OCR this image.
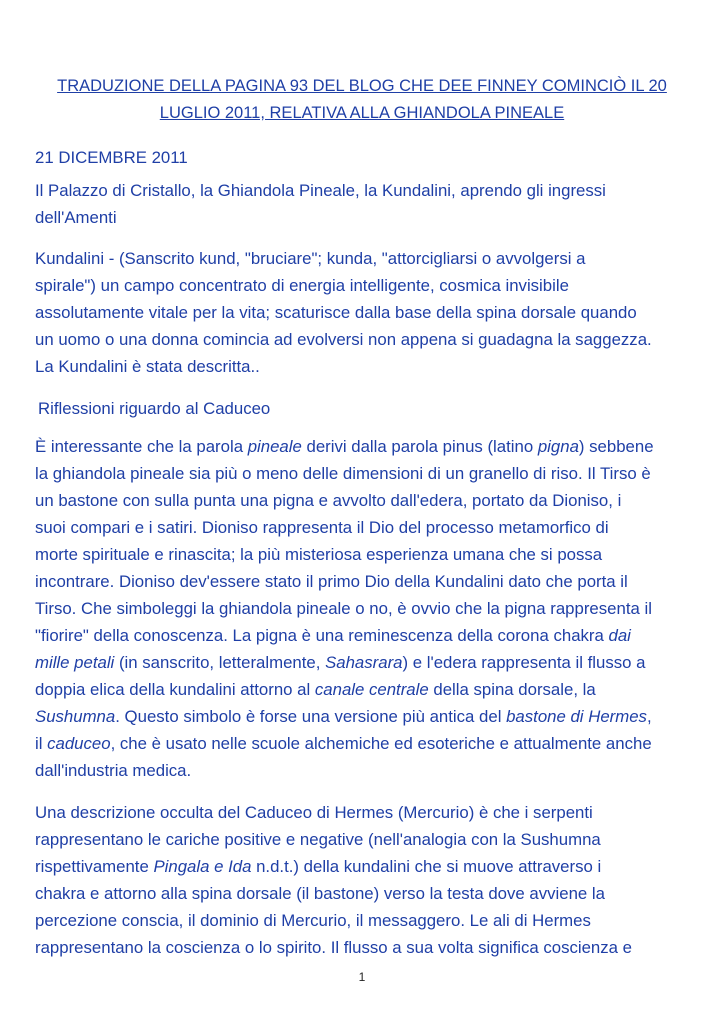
TRADUZIONE DELLA PAGINA 93 DEL BLOG CHE DEE FINNEY COMINCIÒ IL 20
LUGLIO 2011, RELATIVA ALLA GHIANDOLA PINEALE

21 DICEMBRE 2011

Il Palazzo di Cristallo, la Ghiandola Pineale, la Kundalini, aprendo gli ingressi
dell'Amenti

Kundalini - (Sanscrito kund, "bruciare"; kunda, "attorcigliarsi o avvolgersi a
spirale") un campo concentrato di energia intelligente, cosmica invisibile
assolutamente vitale per la vita; scaturisce dalla base della spina dorsale quando
un uomo o una donna comincia ad evolversi non appena si guadagna la saggezza.
La Kundalini è stata descritta..

Riflessioni riguardo al Caduceo

È interessante che la parola pineale derivi dalla parola pinus (latino pigna) sebbene
la ghiandola pineale sia più o meno delle dimensioni di un granello di riso. Il Tirso è
un bastone con sulla punta una pigna e avvolto dall'edera, portato da Dioniso, i
suoi compari e i satiri. Dioniso rappresenta il Dio del processo metamorfico di
morte spirituale e rinascita; la più misteriosa esperienza umana che si possa
incontrare. Dioniso dev'essere stato il primo Dio della Kundalini dato che porta il
Tirso. Che simboleggi la ghiandola pineale o no, è ovvio che la pigna rappresenta il
"fiorire" della conoscenza. La pigna è una reminescenza della corona chakra dai
mille petali (in sanscrito, letteralmente, Sahasrara) e l'edera rappresenta il flusso a
doppia elica della kundalini attorno al canale centrale della spina dorsale, la
Sushumna. Questo simbolo è forse una versione più antica del bastone di Hermes,
il caduceo, che è usato nelle scuole alchemiche ed esoteriche e attualmente anche
dall'industria medica.

Una descrizione occulta del Caduceo di Hermes (Mercurio) è che i serpenti
rappresentano le cariche positive e negative (nell'analogia con la Sushumna
rispettivamente Pingala e Ida n.d.t.) della kundalini che si muove attraverso i
chakra e attorno alla spina dorsale (il bastone) verso la testa dove avviene la
percezione conscia, il dominio di Mercurio, il messaggero. Le ali di Hermes
rappresentano la coscienza o lo spirito. Il flusso a sua volta significa coscienza e

1
